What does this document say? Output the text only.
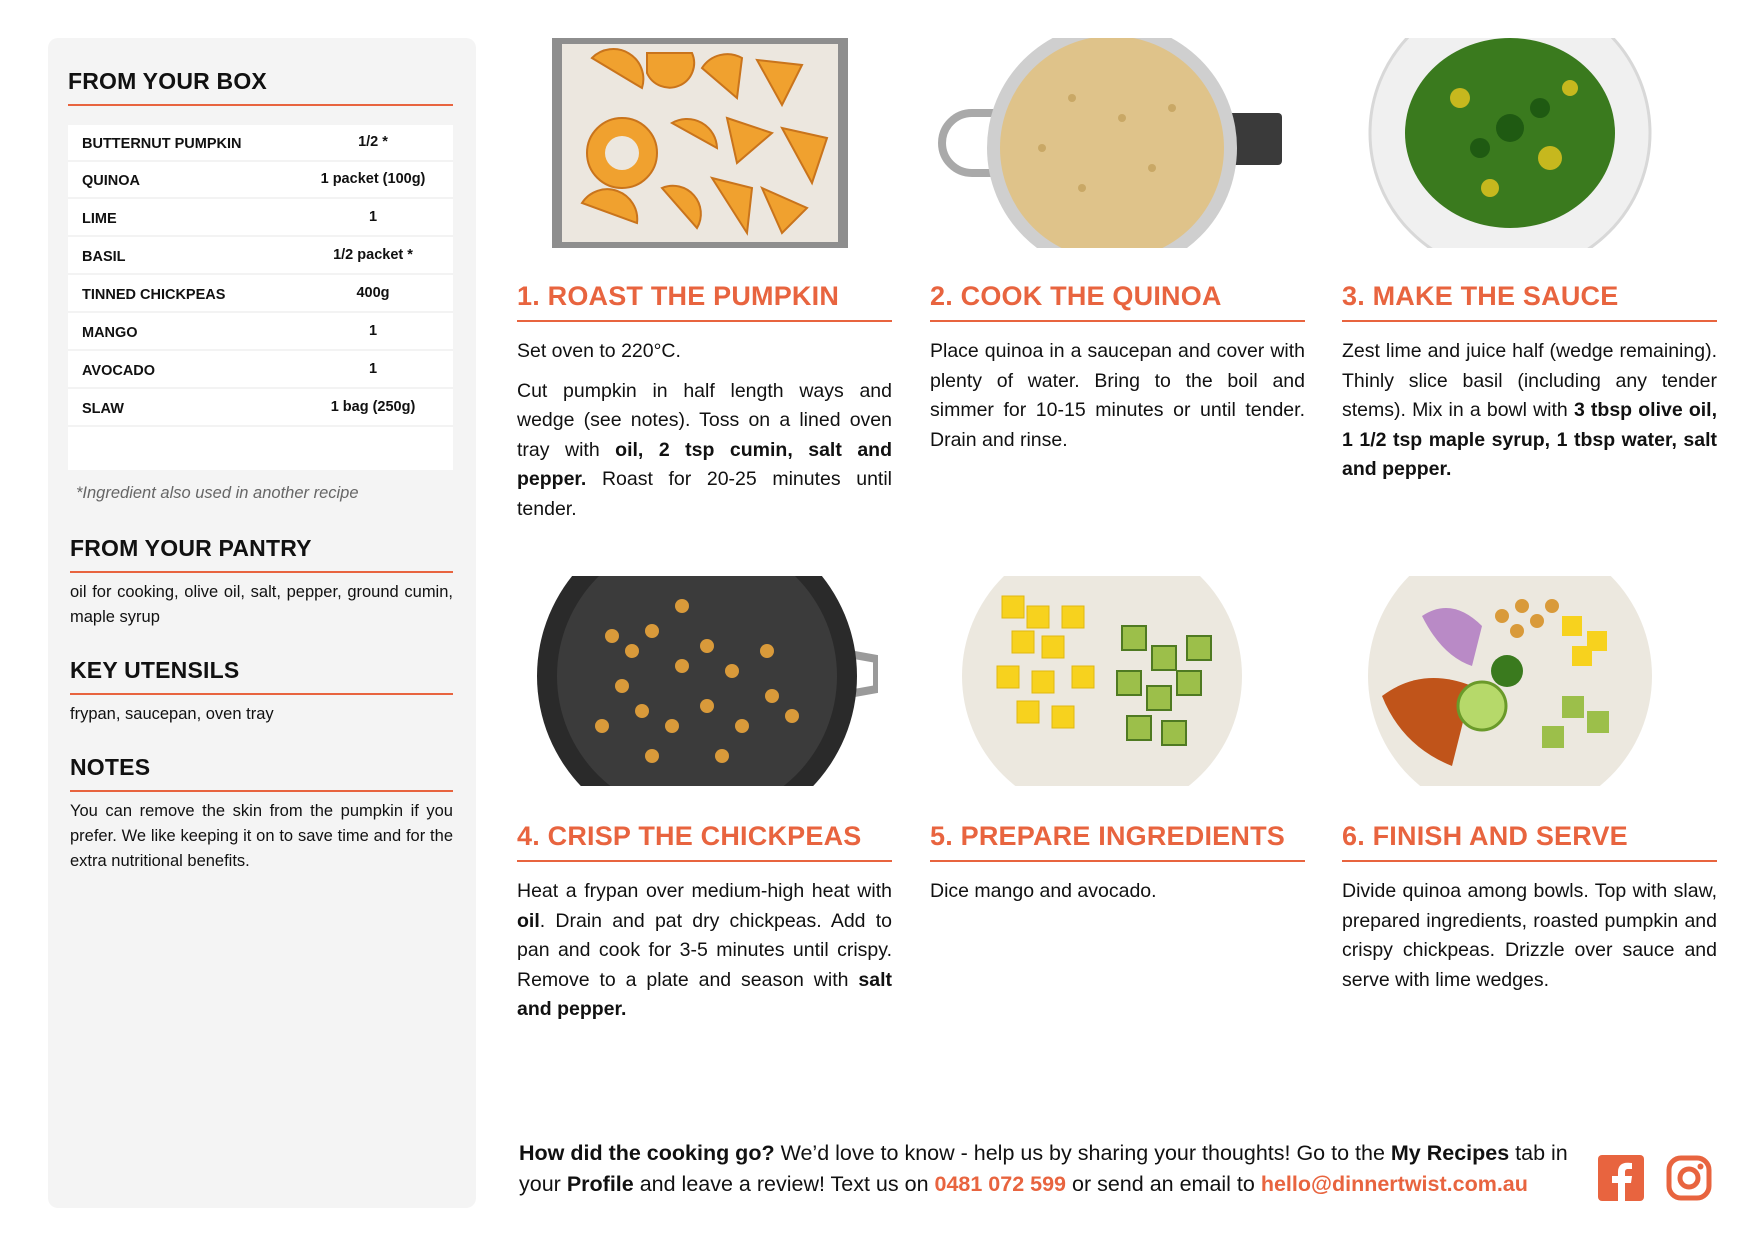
FROM YOUR BOX
BUTTERNUT PUMPKIN	1/2 *
QUINOA	1 packet (100g)
LIME	1
BASIL	1/2 packet *
TINNED CHICKPEAS	400g
MANGO	1
AVOCADO	1
SLAW	1 bag (250g)
*Ingredient also used in another recipe
FROM YOUR PANTRY
oil for cooking, olive oil, salt, pepper, ground cumin, maple syrup
KEY UTENSILS
frypan, saucepan, oven tray
NOTES
You can remove the skin from the pumpkin if you prefer. We like keeping it on to save time and for the extra nutritional benefits.
1. ROAST THE PUMPKIN

Set oven to 220°C.

Cut pumpkin in half length ways and wedge (see notes). Toss on a lined oven tray with oil, 2 tsp cumin, salt and pepper. Roast for 20-25 minutes until tender.

2. COOK THE QUINOA

Place quinoa in a saucepan and cover with plenty of water. Bring to the boil and simmer for 10-15 minutes or until tender. Drain and rinse.

3. MAKE THE SAUCE

Zest lime and juice half (wedge remaining). Thinly slice basil (including any tender stems). Mix in a bowl with 3 tbsp olive oil, 1 1/2 tsp maple syrup, 1 tbsp water, salt and pepper.

4. CRISP THE CHICKPEAS

Heat a frypan over medium-high heat with oil. Drain and pat dry chickpeas. Add to pan and cook for 3-5 minutes until crispy. Remove to a plate and season with salt and pepper.

5. PREPARE INGREDIENTS

Dice mango and avocado.

6. FINISH AND SERVE

Divide quinoa among bowls. Top with slaw, prepared ingredients, roasted pumpkin and crispy chickpeas. Drizzle over sauce and serve with lime wedges.

How did the cooking go? We’d love to know - help us by sharing your thoughts! Go to the My Recipes tab in your Profile and leave a review! Text us on 0481 072 599 or send an email to hello@dinnertwist.com.au
